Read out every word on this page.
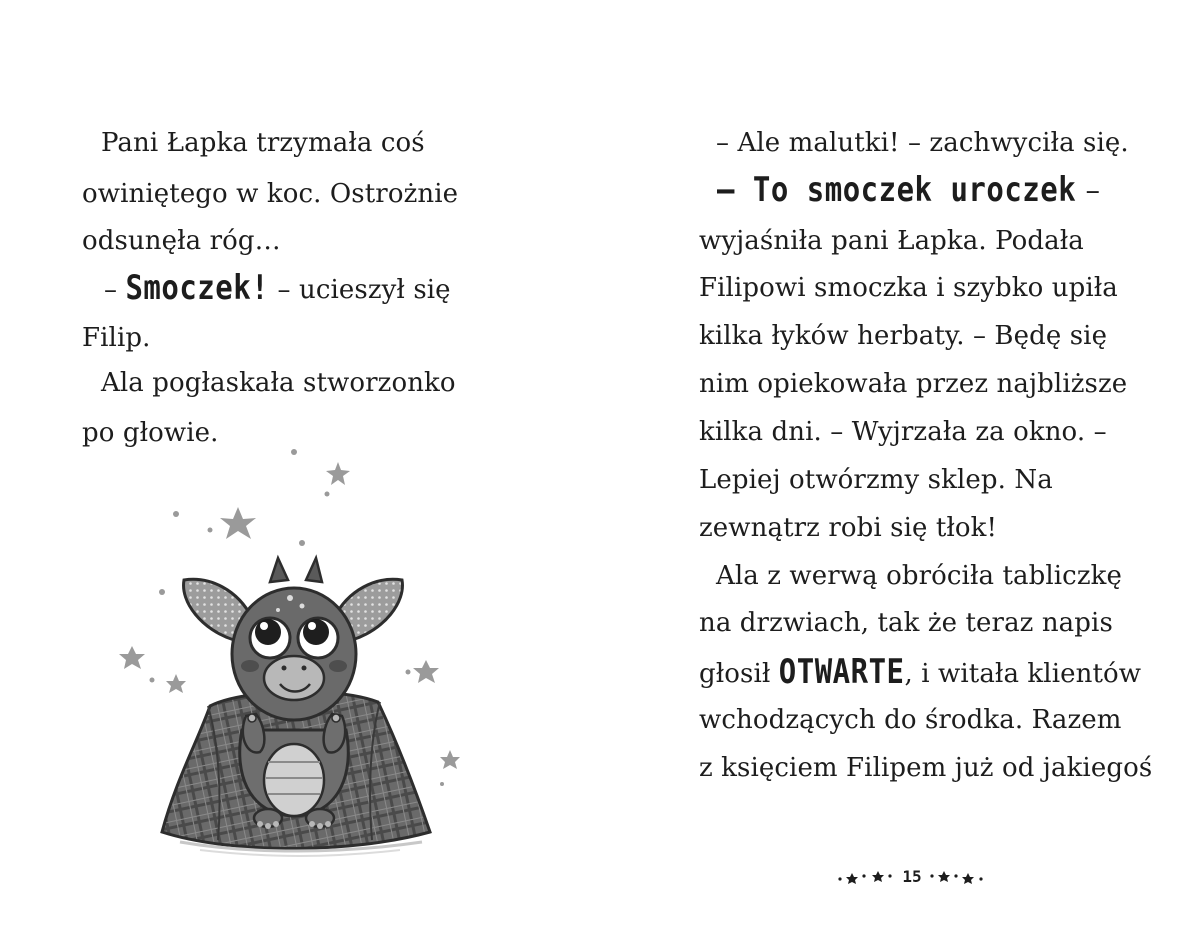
Pani Łapka trzymała coś
owiniętego w koc. Ostrożnie
odsunęła róg…
– Smoczek! – ucieszył się
Filip.
Ala pogłaskała stworzonko
po głowie.
– Ale malutki! – zachwyciła się.
– To smoczek uroczek –
wyjaśniła pani Łapka. Podała
Filipowi smoczka i szybko upiła
kilka łyków herbaty. – Będę się
nim opiekowała przez najbliższe
kilka dni. – Wyjrzała za okno. –
Lepiej otwórzmy sklep. Na
zewnątrz robi się tłok!
Ala z werwą obróciła tabliczkę
na drzwiach, tak że teraz napis
głosił OTWARTE, i witała klientów
wchodzących do środka. Razem
z księciem Filipem już od jakiegoś
15
